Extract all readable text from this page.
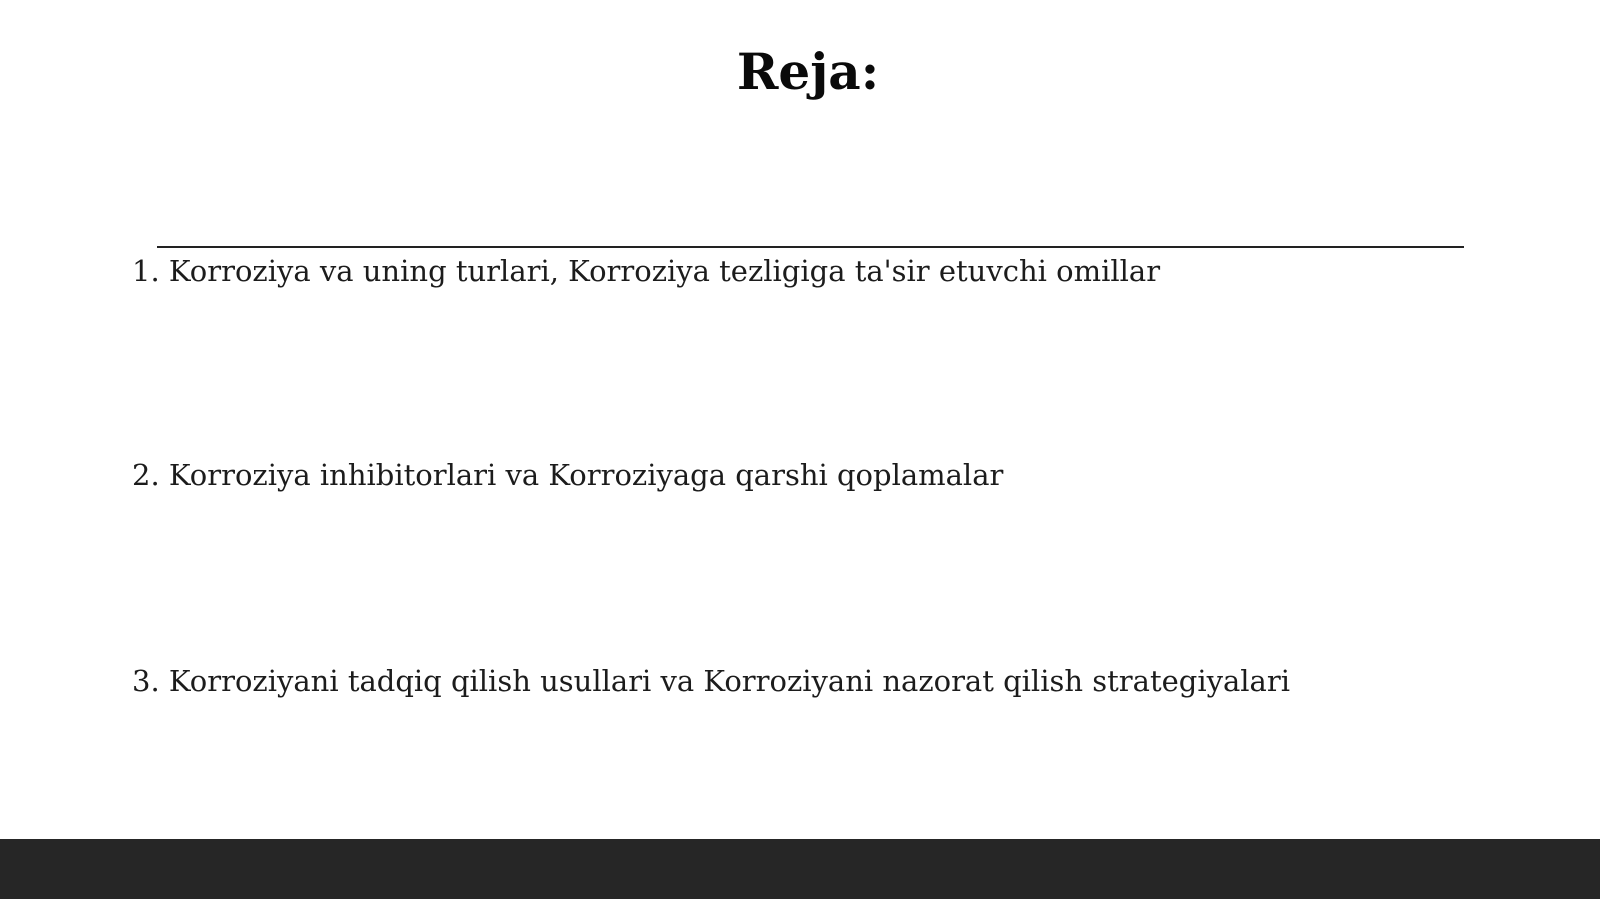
Reja:
1. Korroziya va uning turlari, Korroziya tezligiga ta'sir etuvchi omillar
2. Korroziya inhibitorlari va Korroziyaga qarshi qoplamalar
3. Korroziyani tadqiq qilish usullari va Korroziyani nazorat qilish strategiyalari
